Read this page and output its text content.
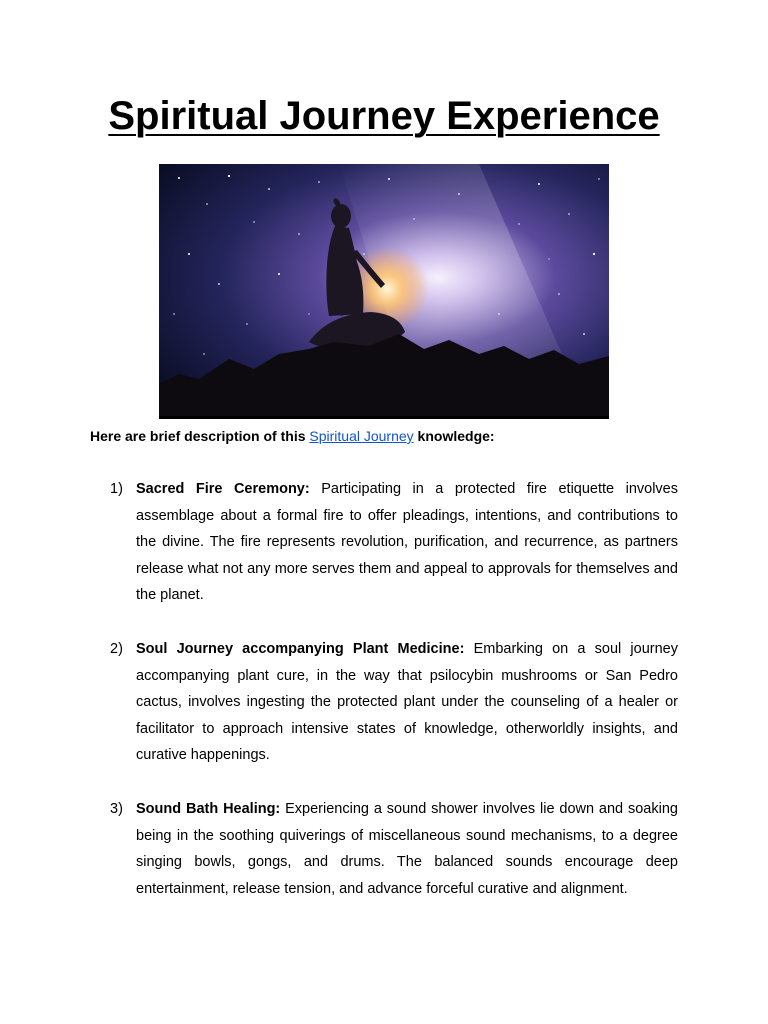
Spiritual Journey Experience
Here are brief description of this Spiritual Journey knowledge:
1) Sacred Fire Ceremony: Participating in a protected fire etiquette involves assemblage about a formal fire to offer pleadings, intentions, and contributions to the divine. The fire represents revolution, purification, and recurrence, as partners release what not any more serves them and appeal to approvals for themselves and the planet.
2) Soul Journey accompanying Plant Medicine: Embarking on a soul journey accompanying plant cure, in the way that psilocybin mushrooms or San Pedro cactus, involves ingesting the protected plant under the counseling of a healer or facilitator to approach intensive states of knowledge, otherworldly insights, and curative happenings.
3) Sound Bath Healing: Experiencing a sound shower involves lie down and soaking being in the soothing quiverings of miscellaneous sound mechanisms, to a degree singing bowls, gongs, and drums. The balanced sounds encourage deep entertainment, release tension, and advance forceful curative and alignment.
